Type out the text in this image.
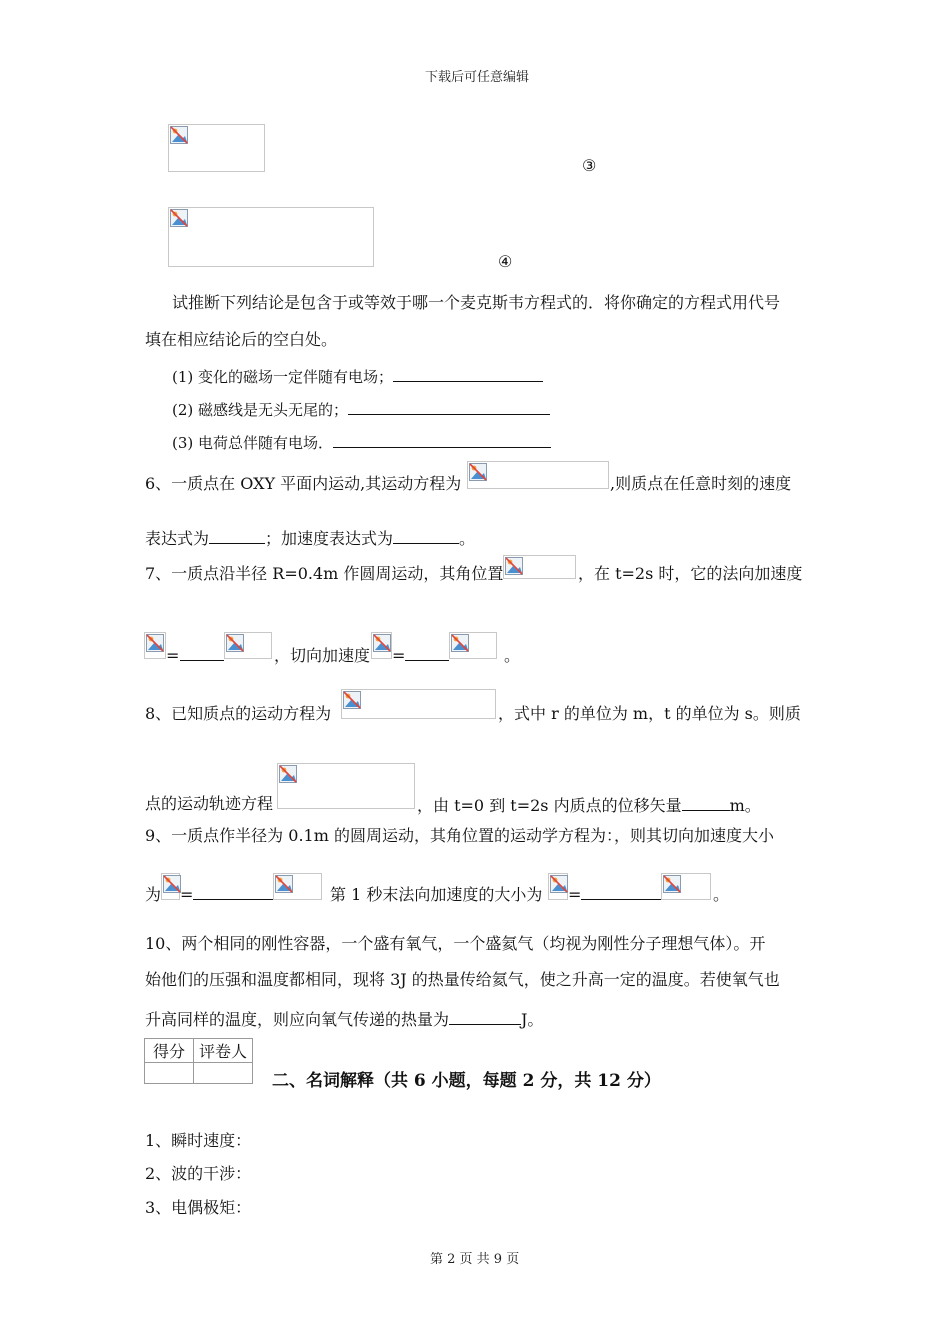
下载后可任意编辑
③
④
试推断下列结论是包含于或等效于哪一个麦克斯韦方程式的．将你确定的方程式用代号
填在相应结论后的空白处。
(1) 变化的磁场一定伴随有电场；
(2) 磁感线是无头无尾的；
(3) 电荷总伴随有电场．
6、一质点在 OXY 平面内运动,其运动方程为	,则质点在任意时刻的速度
表达式为	；加速度表达式为	。
7、一质点沿半径 R=0.4m 作圆周运动，其角位置	，在 t=2s 时，它的法向加速度
=	，切向加速度 =	。
8、已知质点的运动方程为	，式中 r 的单位为 m，t 的单位为 s。则质
点的运动轨迹方程	，由 t=0 到 t=2s 内质点的位移矢量	m。
9、一质点作半径为 0.1m 的圆周运动，其角位置的运动学方程为：，则其切向加速度大小
为 =	第 1 秒末法向加速度的大小为 =	。
10、两个相同的刚性容器，一个盛有氧气，一个盛氦气（均视为刚性分子理想气体）。开
始他们的压强和温度都相同，现将 3J 的热量传给氦气，使之升高一定的温度。若使氧气也
升高同样的温度，则应向氧气传递的热量为	J。
得分	评卷人

二、名词解释（共 6 小题，每题 2 分，共 12 分）
1、瞬时速度：
2、波的干涉：
3、电偶极矩：
第 2 页 共 9 页
